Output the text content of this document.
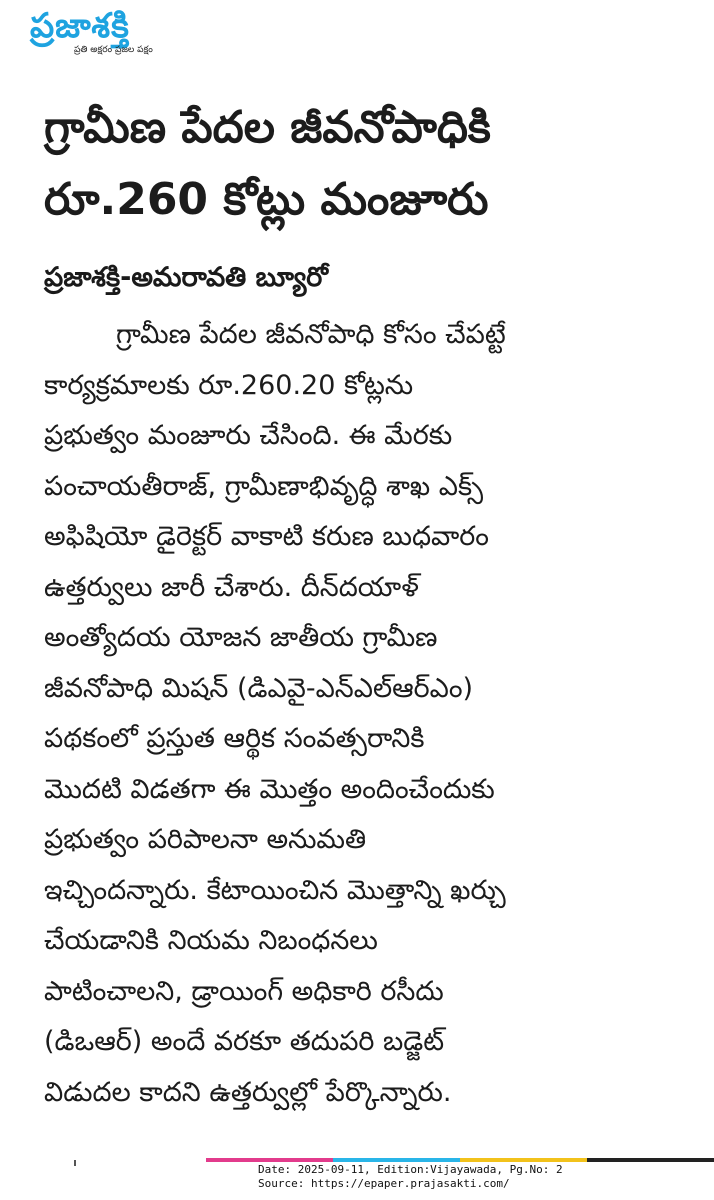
ప్రజాశక్తి
ప్రతి అక్షరం ప్రజల పక్షం
గ్రామీణ పేదల జీవనోపాధికి
రూ.260 కోట్లు మంజూరు
ప్రజాశక్తి-అమరావతి బ్యూరో
గ్రామీణ పేదల జీవనోపాధి కోసం చేపట్టే
కార్యక్రమాలకు రూ.260.20 కోట్లను
ప్రభుత్వం మంజూరు చేసింది. ఈ మేరకు
పంచాయతీరాజ్, గ్రామీణాభివృద్ధి శాఖ ఎక్స్
అఫిషియో డైరెక్టర్ వాకాటి కరుణ బుధవారం
ఉత్తర్వులు జారీ చేశారు. దీన్‌దయాళ్
అంత్యోదయ యోజన జాతీయ గ్రామీణ
జీవనోపాధి మిషన్ (డిఎవై-ఎన్ఎల్ఆర్ఎం)
పథకంలో ప్రస్తుత ఆర్థిక సంవత్సరానికి
మొదటి విడతగా ఈ మొత్తం అందించేందుకు
ప్రభుత్వం పరిపాలనా అనుమతి
ఇచ్చిందన్నారు. కేటాయించిన మొత్తాన్ని ఖర్చు
చేయడానికి నియమ నిబంధనలు
పాటించాలని, డ్రాయింగ్ అధికారి రసీదు
(డిఒఆర్) అందే వరకూ తదుపరి బడ్జెట్
విడుదల కాదని ఉత్తర్వుల్లో పేర్కొన్నారు.
Date: 2025-09-11, Edition:Vijayawada, Pg.No: 2
Source: https://epaper.prajasakti.com/
